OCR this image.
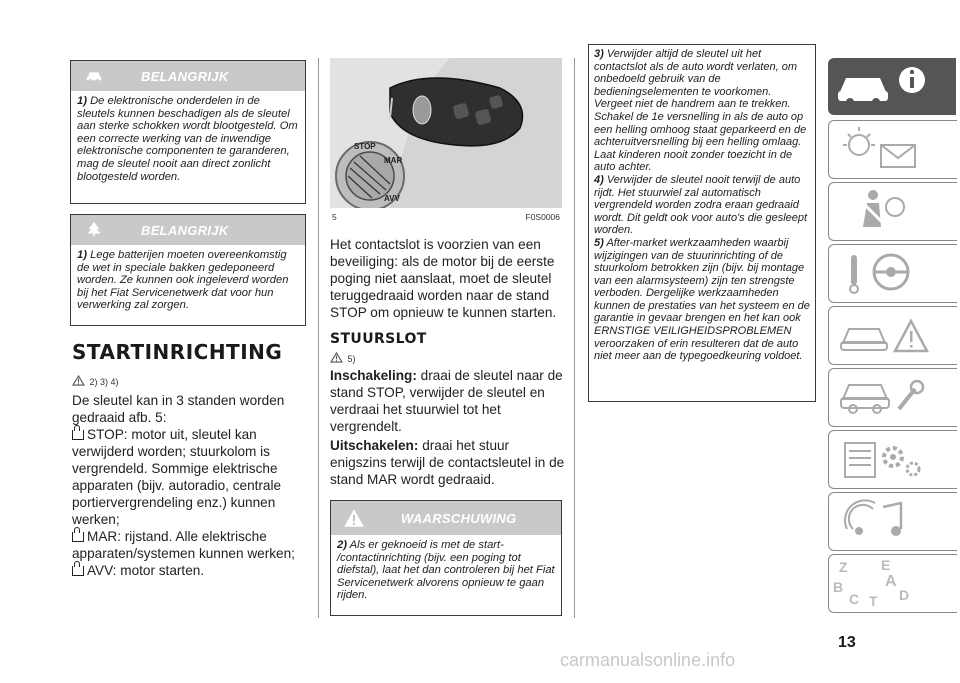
BELANGRIJK
1) De elektronische onderdelen in de sleutels kunnen beschadigen als de sleutel aan sterke schokken wordt blootgesteld. Om een correcte werking van de inwendige elektronische componenten te garanderen, mag de sleutel nooit aan direct zonlicht blootgesteld worden.
BELANGRIJK
1) Lege batterijen moeten overeenkomstig de wet in speciale bakken gedeponeerd worden. Ze kunnen ook ingeleverd worden bij het Fiat Servicenetwerk dat voor hun verwerking zal zorgen.
STARTINRICHTING
2) 3) 4)
De sleutel kan in 3 standen worden gedraaid afb. 5:
STOP: motor uit, sleutel kan verwijderd worden; stuurkolom is vergrendeld. Sommige elektrische apparaten (bijv. autoradio, centrale portiervergrendeling enz.) kunnen werken;
MAR: rijstand. Alle elektrische apparaten/systemen kunnen werken;
AVV: motor starten.
STOP
MAR
AVV
5	F0S0006
Het contactslot is voorzien van een beveiliging: als de motor bij de eerste poging niet aanslaat, moet de sleutel teruggedraaid worden naar de stand STOP om opnieuw te kunnen starten.
STUURSLOT
5)
Inschakeling: draai de sleutel naar de stand STOP, verwijder de sleutel en verdraai het stuurwiel tot het vergrendelt.
Uitschakelen: draai het stuur enigszins terwijl de contactsleutel in de stand MAR wordt gedraaid.
WAARSCHUWING
2) Als er geknoeid is met de start- /contactinrichting (bijv. een poging tot diefstal), laat het dan controleren bij het Fiat Servicenetwerk alvorens opnieuw te gaan rijden.
3) Verwijder altijd de sleutel uit het contactslot als de auto wordt verlaten, om onbedoeld gebruik van de bedieningselementen te voorkomen. Vergeet niet de handrem aan te trekken. Schakel de 1e versnelling in als de auto op een helling omhoog staat geparkeerd en de achteruitversnelling bij een helling omlaag. Laat kinderen nooit zonder toezicht in de auto achter.
4) Verwijder de sleutel nooit terwijl de auto rijdt. Het stuurwiel zal automatisch vergrendeld worden zodra eraan gedraaid wordt. Dit geldt ook voor auto's die gesleept worden.
5) After-market werkzaamheden waarbij wijzigingen van de stuurinrichting of de stuurkolom betrokken zijn (bijv. bij montage van een alarmsysteem) zijn ten strengste verboden. Dergelijke werkzaamheden kunnen de prestaties van het systeem en de garantie in gevaar brengen en het kan ook ERNSTIGE VEILIGHEIDSPROBLEMEN veroorzaken of erin resulteren dat de auto niet meer aan de typegoedkeuring voldoet.
Z E
B	A
C T D
13
carmanualsonline.info
